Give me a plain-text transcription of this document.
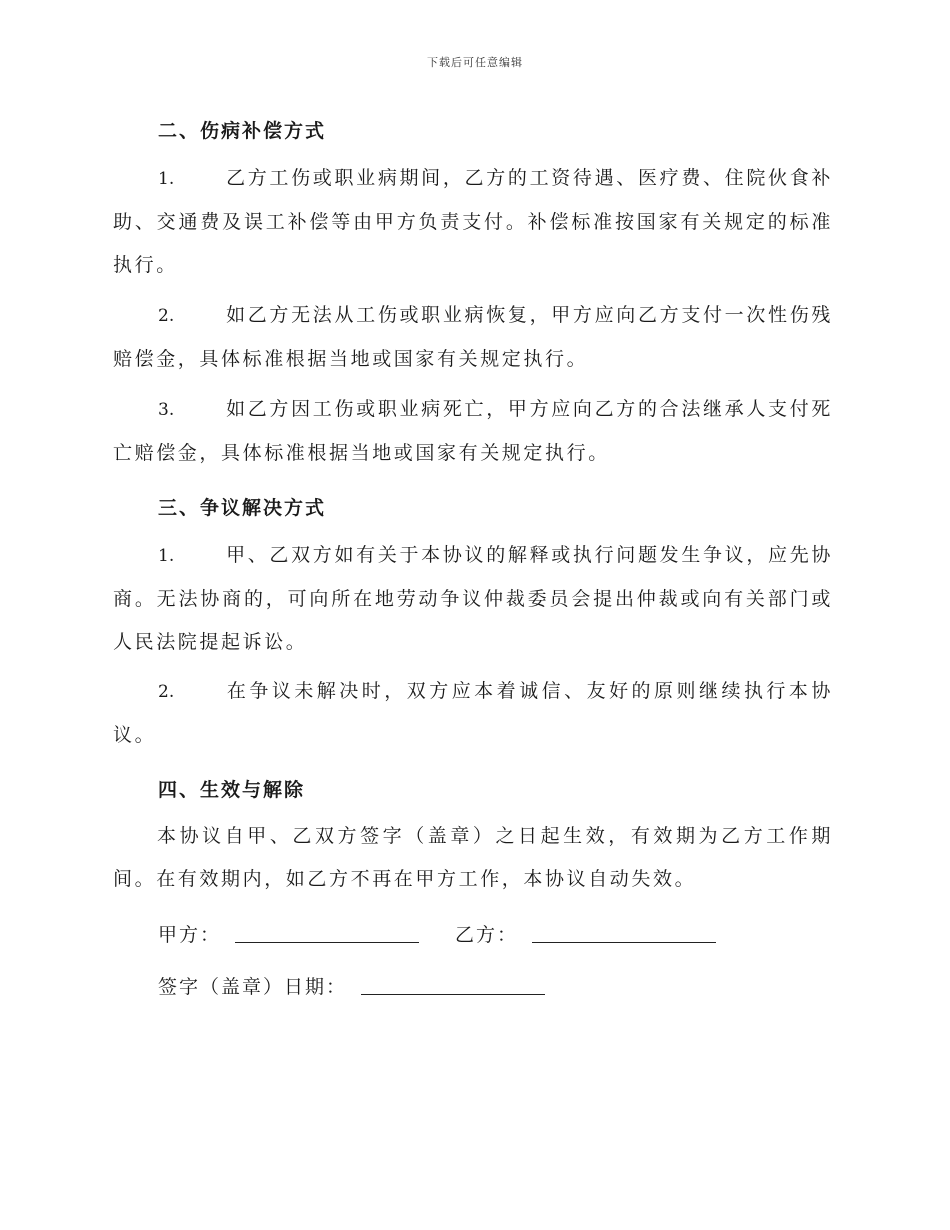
下载后可任意编辑
二、伤病补偿方式
1.	乙方工伤或职业病期间，乙方的工资待遇、医疗费、住院伙食补助、交通费及误工补偿等由甲方负责支付。补偿标准按国家有关规定的标准执行。
2.	如乙方无法从工伤或职业病恢复，甲方应向乙方支付一次性伤残赔偿金，具体标准根据当地或国家有关规定执行。
3.	如乙方因工伤或职业病死亡，甲方应向乙方的合法继承人支付死亡赔偿金，具体标准根据当地或国家有关规定执行。
三、争议解决方式
1.	甲、乙双方如有关于本协议的解释或执行问题发生争议，应先协商。无法协商的，可向所在地劳动争议仲裁委员会提出仲裁或向有关部门或人民法院提起诉讼。
2.	在争议未解决时，双方应本着诚信、友好的原则继续执行本协议。
四、生效与解除
本协议自甲、乙双方签字（盖章）之日起生效，有效期为乙方工作期间。在有效期内，如乙方不再在甲方工作，本协议自动失效。
甲方：	乙方：
签字（盖章）日期：
